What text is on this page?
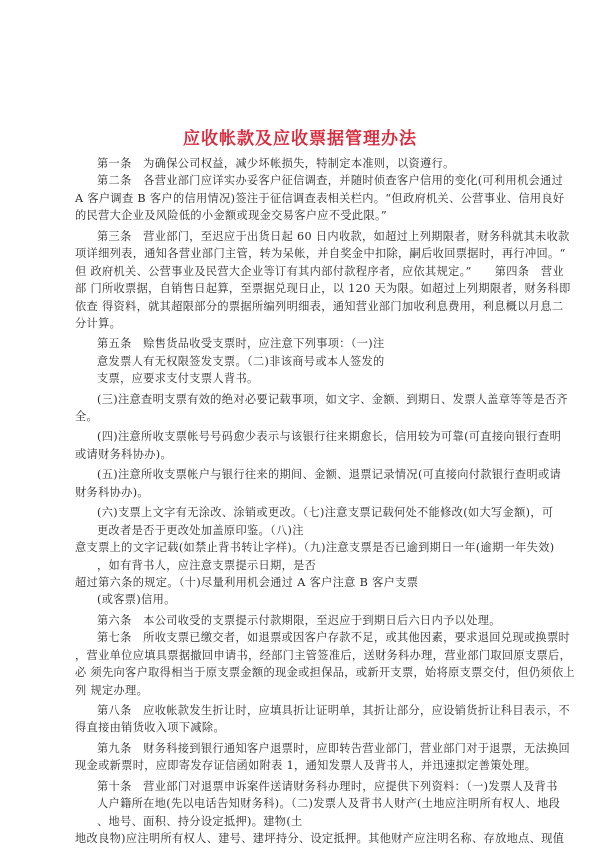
应收帐款及应收票据管理办法
第一条　为确保公司权益，减少坏帐损失，特制定本准则，以资遵行。
第二条　各营业部门应详实办妥客户征信调查，并随时侦查客户信用的变化(可利用机会通过
A 客户调查 B 客户的信用情况)签注于征信调查表相关栏内。“但政府机关、公营事业、信用良好
的民营大企业及风险低的小金额或现金交易客户应不受此限。”
第三条　营业部门，至迟应于出货日起 60 日内收款，如超过上列期限者，财务科就其未收款
项详细列表，通知各营业部门主管，转为呆帐，并自奖金中扣除，嗣后收回票据时，再行冲回。“
但 政府机关、公营事业及民营大企业等订有其内部付款程序者，应依其规定。”　　第四条　营业
部 门所收票据，自销售日起算，至票据兑现日止，以 120 天为限。如超过上列期限者，财务科即
依查 得资料，就其超限部分的票据所编列明细表，通知营业部门加收利息费用，利息概以月息二
分计算。
第五条　赊售货品收受支票时，应注意下列事项：（一)注
意发票人有无权限签发支票。（二)非该商号或本人签发的
支票，应要求支付支票人背书。
(三)注意查明支票有效的绝对必要记载事项，如文字、金额、到期日、发票人盖章等等是否齐
全。
(四)注意所收支票帐号号码愈少表示与该银行往来期愈长，信用较为可靠(可直接向银行查明
或请财务科协办)。
(五)注意所收支票帐户与银行往来的期间、金额、退票记录情况(可直接向付款银行查明或请
财务科协办)。
(六)支票上文字有无涂改、涂销或更改。（七)注意支票记载何处不能修改(如大写金额)，可
更改者是否于更改处加盖原印鉴。（八)注
意支票上的文字记载(如禁止背书转让字样)。（九)注意支票是否已逾到期日一年(逾期一年失效)
，如有背书人，应注意支票提示日期，是否
超过第六条的规定。（十)尽量利用机会通过 A 客户注意 B 客户支票
(或客票)信用。
第六条　本公司收受的支票提示付款期限，至迟应于到期日后六日内予以处理。
第七条　所收支票已缴交者，如退票或因客户存款不足，或其他因素，要求退回兑现或换票时
，营业单位应填具票据撤回申请书，经部门主管签准后，送财务科办理，营业部门取回原支票后，
必 须先向客户取得相当于原支票金额的现金或担保品，或新开支票，始将原支票交付，但仍须依上
列 规定办理。
第八条　应收帐款发生折让时，应填具折让证明单，其折让部分，应设销货折让科目表示，不
得直接由销货收入项下减除。
第九条　财务科接到银行通知客户退票时，应即转告营业部门，营业部门对于退票，无法换回
现金或新票时，应即寄发存证信函如附表 1，通知发票人及背书人，并迅速拟定善策处理。
第十条　营业部门对退票申诉案件送请财务科办理时，应提供下列资料：（一)发票人及背书
人户籍所在地(先以电话告知财务科)。（二)发票人及背书人财产(土地应注明所有权人、地段
、地号、面积、持分设定抵押)。建物(土
地改良物)应注明所有权人、建号、建坪持分、设定抵押。其他财产应注明名称、存放地点、现值
